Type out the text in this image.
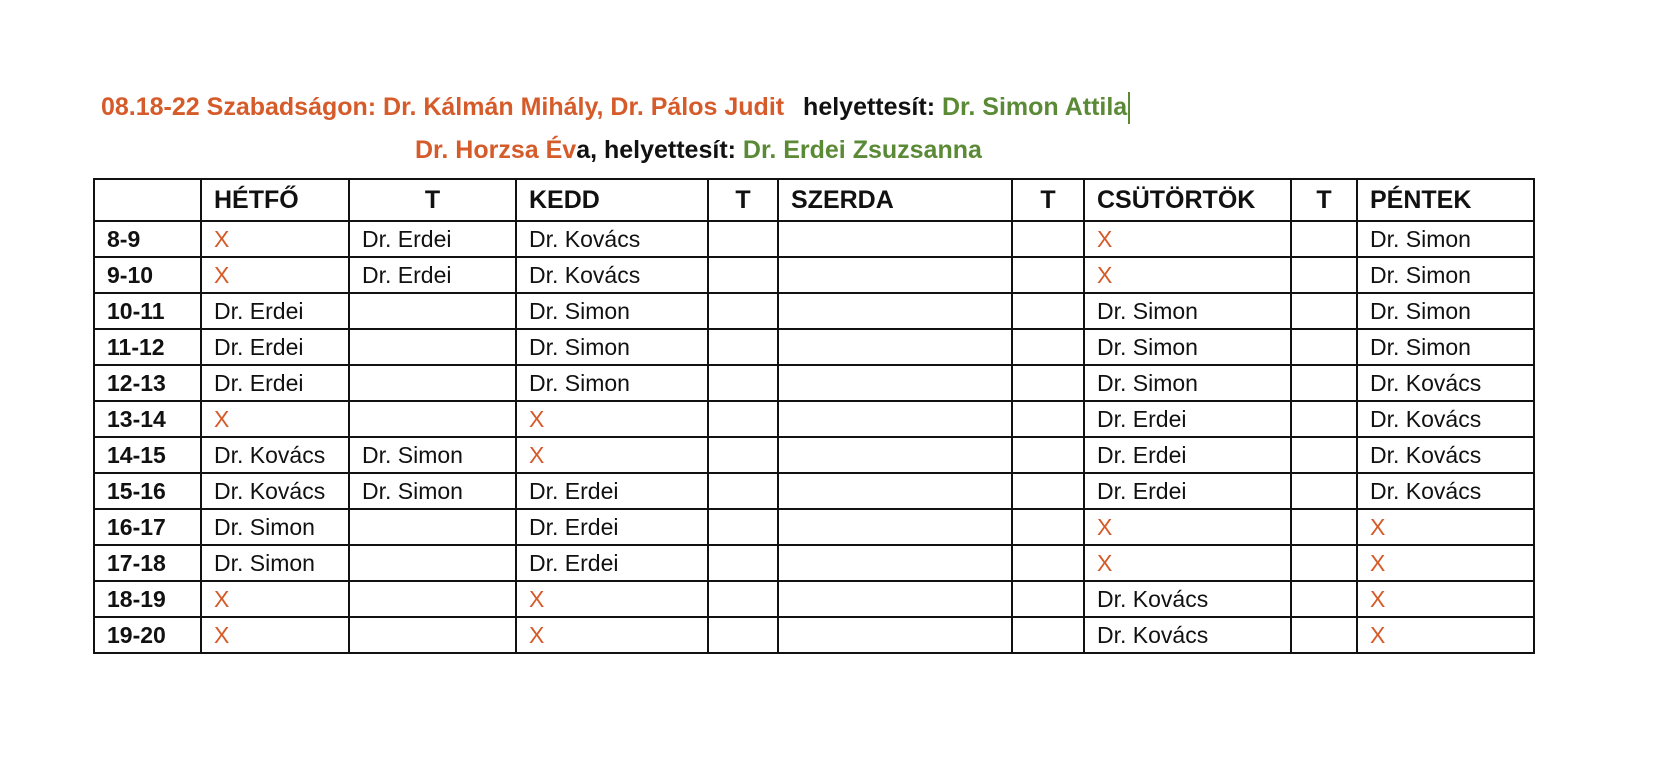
08.18-22 Szabadságon: Dr. Kálmán Mihály, Dr. Pálos Judit helyettesít: Dr. Simon Attila
Dr. Horzsa Éva, helyettesít: Dr. Erdei Zsuzsanna
	HÉTFŐ	T	KEDD	T	SZERDA	T	CSÜTÖRTÖK	T	PÉNTEK
8-9	X	Dr. Erdei	Dr. Kovács				X		Dr. Simon
9-10	X	Dr. Erdei	Dr. Kovács				X		Dr. Simon
10-11	Dr. Erdei		Dr. Simon				Dr. Simon		Dr. Simon
11-12	Dr. Erdei		Dr. Simon				Dr. Simon		Dr. Simon
12-13	Dr. Erdei		Dr. Simon				Dr. Simon		Dr. Kovács
13-14	X		X				Dr. Erdei		Dr. Kovács
14-15	Dr. Kovács	Dr. Simon	X				Dr. Erdei		Dr. Kovács
15-16	Dr. Kovács	Dr. Simon	Dr. Erdei				Dr. Erdei		Dr. Kovács
16-17	Dr. Simon		Dr. Erdei				X		X
17-18	Dr. Simon		Dr. Erdei				X		X
18-19	X		X				Dr. Kovács		X
19-20	X		X				Dr. Kovács		X
